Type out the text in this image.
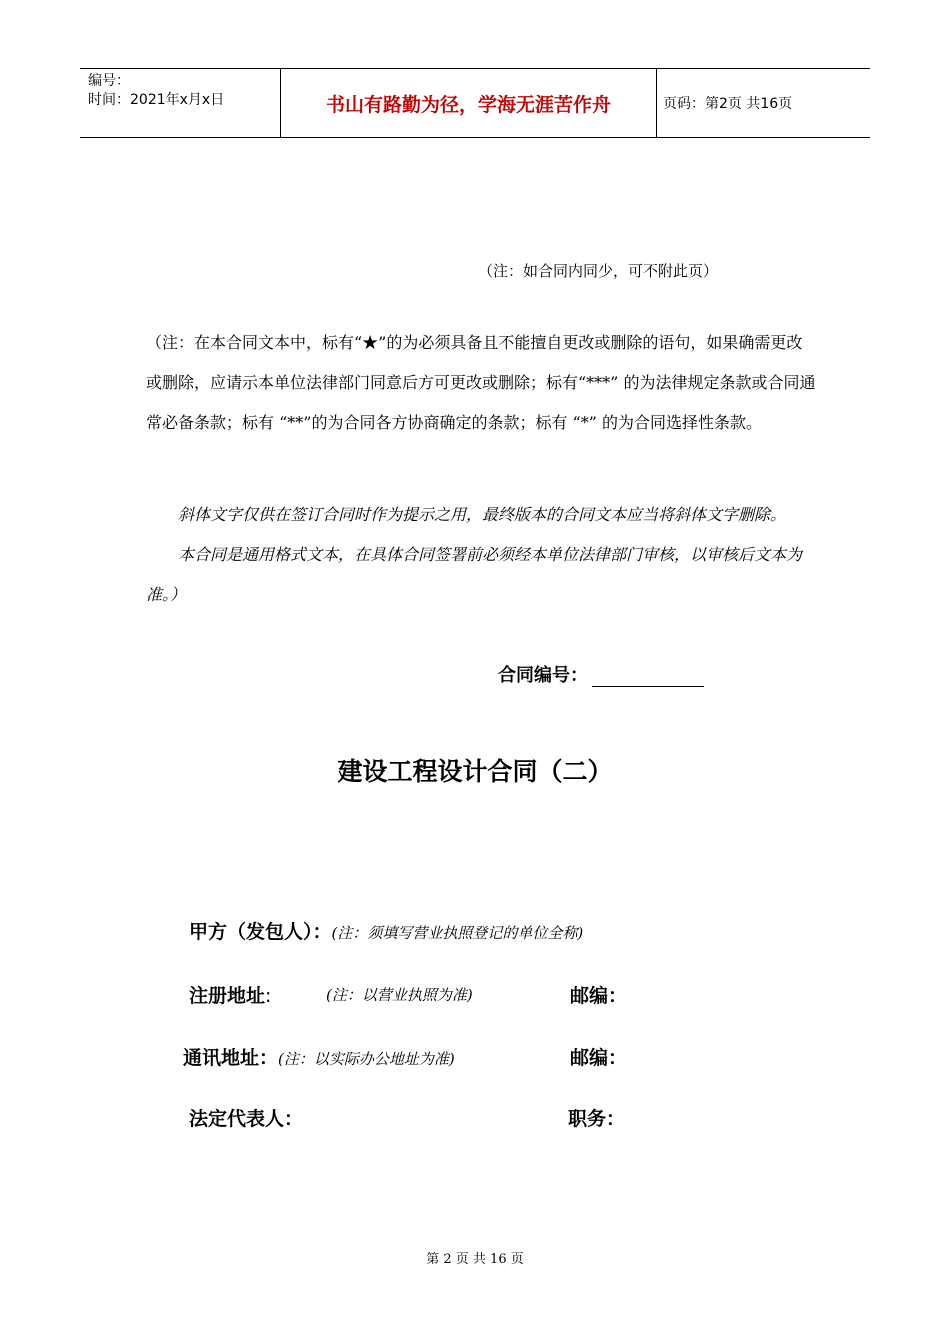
编号：
时间：2021年x月x日	书山有路勤为径，学海无涯苦作舟	页码：第2页 共16页
（注：如合同内同少，可不附此页）

（注：在本合同文本中，标有“★”的为必须具备且不能擅自更改或删除的语句，如果确需更改或删除，应请示本单位法律部门同意后方可更改或删除；标有“***” 的为法律规定条款或合同通常必备条款；标有 “**”的为合同各方协商确定的条款；标有 “*” 的为合同选择性条款。

斜体文字仅供在签订合同时作为提示之用，最终版本的合同文本应当将斜体文字删除。

本合同是通用格式文本，在具体合同签署前必须经本单位法律部门审核，以审核后文本为准。）

合同编号：
建设工程设计合同（二）
甲方（发包人）：(注：须填写营业执照登记的单位全称)
注册地址:	(注：以营业执照为准)	邮编：
通讯地址：(注：以实际办公地址为准)	邮编：
法定代表人：	职务：
第 2 页 共 16 页
